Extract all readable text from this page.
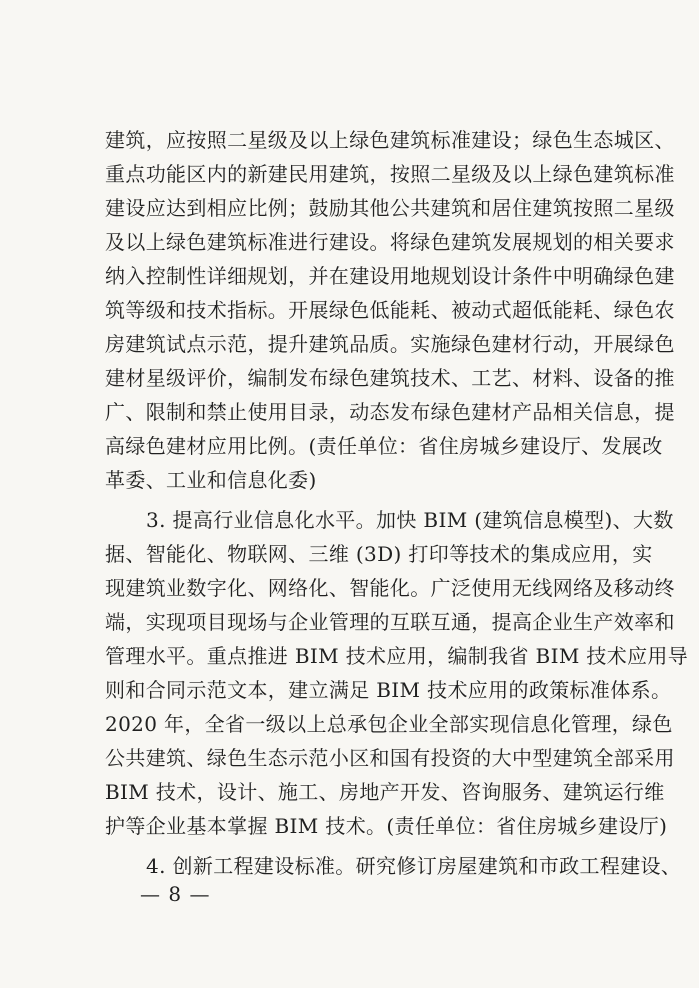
建筑，应按照二星级及以上绿色建筑标准建设；绿色生态城区、
重点功能区内的新建民用建筑，按照二星级及以上绿色建筑标准
建设应达到相应比例；鼓励其他公共建筑和居住建筑按照二星级
及以上绿色建筑标准进行建设。将绿色建筑发展规划的相关要求
纳入控制性详细规划，并在建设用地规划设计条件中明确绿色建
筑等级和技术指标。开展绿色低能耗、被动式超低能耗、绿色农
房建筑试点示范，提升建筑品质。实施绿色建材行动，开展绿色
建材星级评价，编制发布绿色建筑技术、工艺、材料、设备的推
广、限制和禁止使用目录，动态发布绿色建材产品相关信息，提
高绿色建材应用比例。(责任单位：省住房城乡建设厅、发展改
革委、工业和信息化委)
3. 提高行业信息化水平。加快 BIM (建筑信息模型)、大数
据、智能化、物联网、三维 (3D) 打印等技术的集成应用，实
现建筑业数字化、网络化、智能化。广泛使用无线网络及移动终
端，实现项目现场与企业管理的互联互通，提高企业生产效率和
管理水平。重点推进 BIM 技术应用，编制我省 BIM 技术应用导
则和合同示范文本，建立满足 BIM 技术应用的政策标准体系。
2020 年，全省一级以上总承包企业全部实现信息化管理，绿色
公共建筑、绿色生态示范小区和国有投资的大中型建筑全部采用
BIM 技术，设计、施工、房地产开发、咨询服务、建筑运行维
护等企业基本掌握 BIM 技术。(责任单位：省住房城乡建设厅)
4. 创新工程建设标准。研究修订房屋建筑和市政工程建设、
— 8 —
